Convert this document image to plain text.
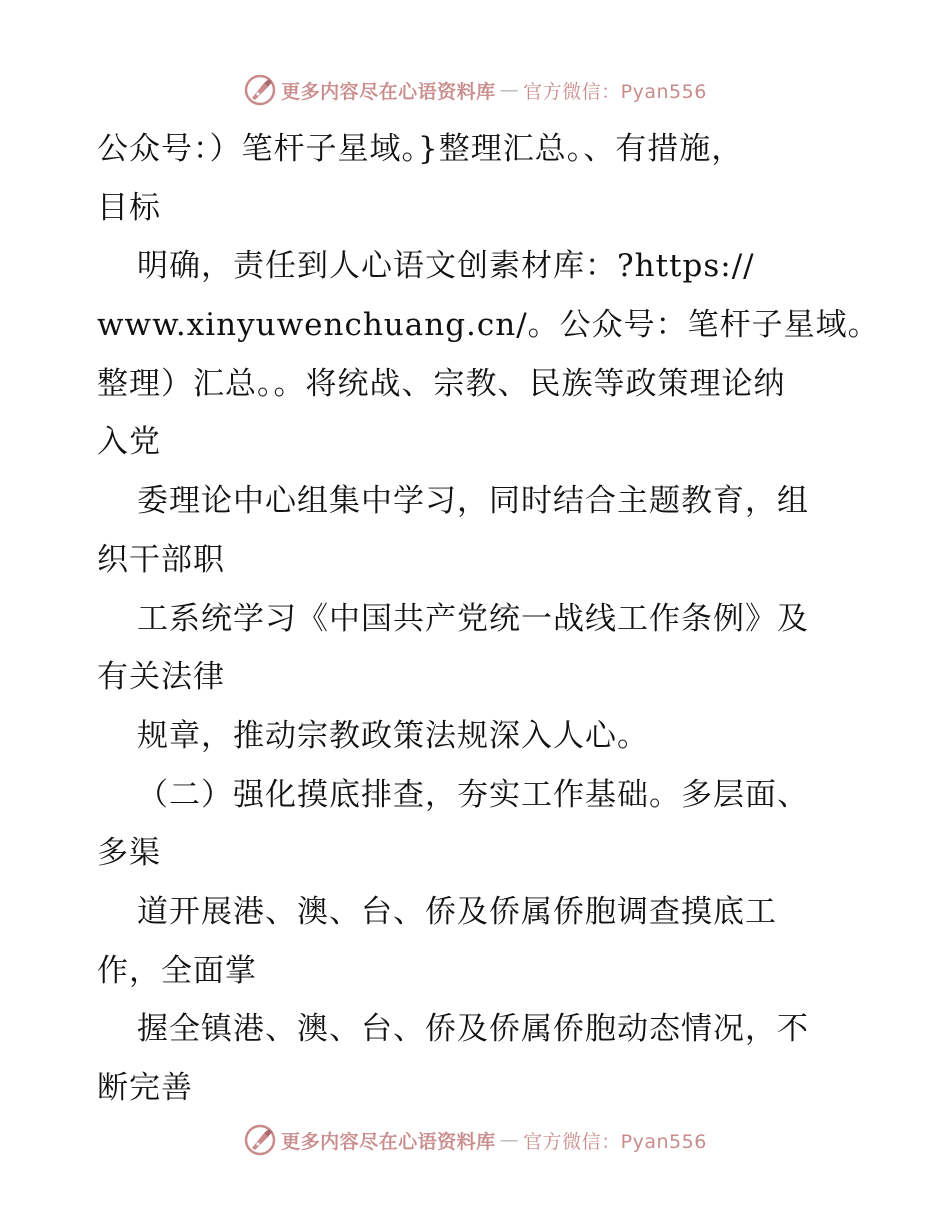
更多内容尽在心语资料库 — 官方微信：Pyan556
公众号：）笔杆子星域。}整理汇总。、有措施，
目标
明确，责任到人心语文创素材库：?https://
www.xinyuwenchuang.cn/。公众号：笔杆子星域。
整理）汇总。。将统战、宗教、民族等政策理论纳
入党
委理论中心组集中学习，同时结合主题教育，组
织干部职
工系统学习《中国共产党统一战线工作条例》及
有关法律
规章，推动宗教政策法规深入人心。
（二）强化摸底排查，夯实工作基础。多层面、
多渠
道开展港、澳、台、侨及侨属侨胞调查摸底工
作，全面掌
握全镇港、澳、台、侨及侨属侨胞动态情况，不
断完善
更多内容尽在心语资料库 — 官方微信：Pyan556
